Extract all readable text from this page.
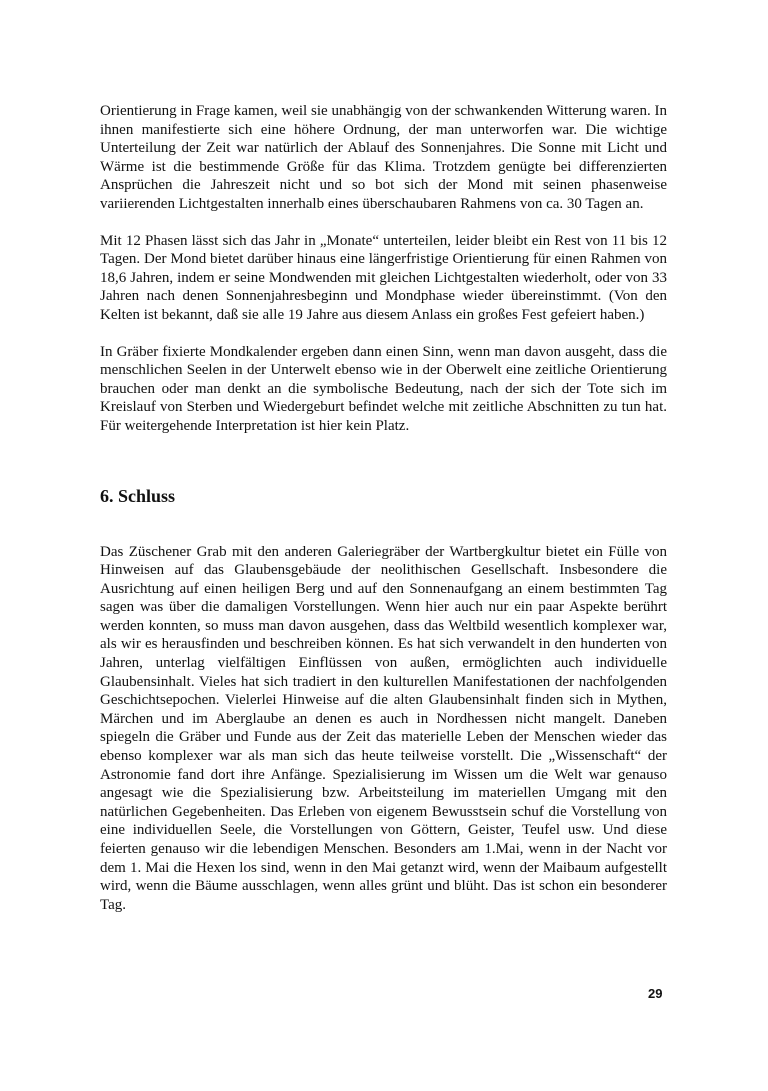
Orientierung in Frage kamen, weil sie unabhängig von der schwankenden Witterung waren. In ihnen manifestierte sich eine höhere Ordnung, der man unterworfen war. Die wichtige Unterteilung der Zeit war natürlich der Ablauf des Sonnenjahres. Die Sonne mit Licht und Wärme ist die bestimmende Größe für das Klima. Trotzdem genügte bei differenzierten Ansprüchen die Jahreszeit nicht und so bot sich der Mond mit seinen phasenweise variierenden Lichtgestalten innerhalb eines überschaubaren Rahmens von ca. 30 Tagen an.

Mit 12 Phasen lässt sich das Jahr in „Monate“ unterteilen, leider bleibt ein Rest von 11 bis 12 Tagen. Der Mond bietet darüber hinaus eine längerfristige Orientierung für einen Rahmen von 18,6 Jahren, indem er seine Mondwenden mit gleichen Lichtgestalten wiederholt, oder von 33 Jahren nach denen Sonnenjahresbeginn und Mondphase wieder übereinstimmt. (Von den Kelten ist bekannt, daß sie alle 19 Jahre aus diesem Anlass ein großes Fest gefeiert haben.)

In Gräber fixierte Mondkalender ergeben dann einen Sinn, wenn man davon ausgeht, dass die menschlichen Seelen in der Unterwelt ebenso wie in der Oberwelt eine zeitliche Orientierung brauchen oder man denkt an die symbolische Bedeutung, nach der sich der Tote sich im Kreislauf von Sterben und Wiedergeburt befindet welche mit zeitliche Abschnitten zu tun hat. Für weitergehende Interpretation ist hier kein Platz.

6. Schluss

Das Züschener Grab mit den anderen Galeriegräber der Wartbergkultur bietet ein Fülle von Hinweisen auf das Glaubensgebäude der neolithischen Gesellschaft. Insbesondere die Ausrichtung auf einen heiligen Berg und auf den Sonnenaufgang an einem bestimmten Tag sagen was über die damaligen Vorstellungen. Wenn hier auch nur ein paar Aspekte berührt werden konnten, so muss man davon ausgehen, dass das Weltbild wesentlich komplexer war, als wir es herausfinden und beschreiben können. Es hat sich verwandelt in den hunderten von Jahren, unterlag vielfältigen Einflüssen von außen, ermöglichten auch individuelle Glaubensinhalt. Vieles hat sich tradiert in den kulturellen Manifestationen der nachfolgenden Geschichtsepochen. Vielerlei Hinweise auf die alten Glaubensinhalt finden sich in Mythen, Märchen und im Aberglaube an denen es auch in Nordhessen nicht mangelt. Daneben spiegeln die Gräber und Funde aus der Zeit das materielle Leben der Menschen wieder das ebenso komplexer war als man sich das heute teilweise vorstellt. Die „Wissenschaft“ der Astronomie fand dort ihre Anfänge. Spezialisierung im Wissen um die Welt war genauso angesagt wie die Spezialisierung bzw. Arbeitsteilung im materiellen Umgang mit den natürlichen Gegebenheiten. Das Erleben von eigenem Bewusstsein schuf die Vorstellung von eine individuellen Seele, die Vorstellungen von Göttern, Geister, Teufel usw. Und diese feierten genauso wir die lebendigen Menschen. Besonders am 1.Mai, wenn in der Nacht vor dem 1. Mai die Hexen los sind, wenn in den Mai getanzt wird, wenn der Maibaum aufgestellt wird, wenn die Bäume ausschlagen, wenn alles grünt und blüht. Das ist schon ein besonderer Tag.

29
